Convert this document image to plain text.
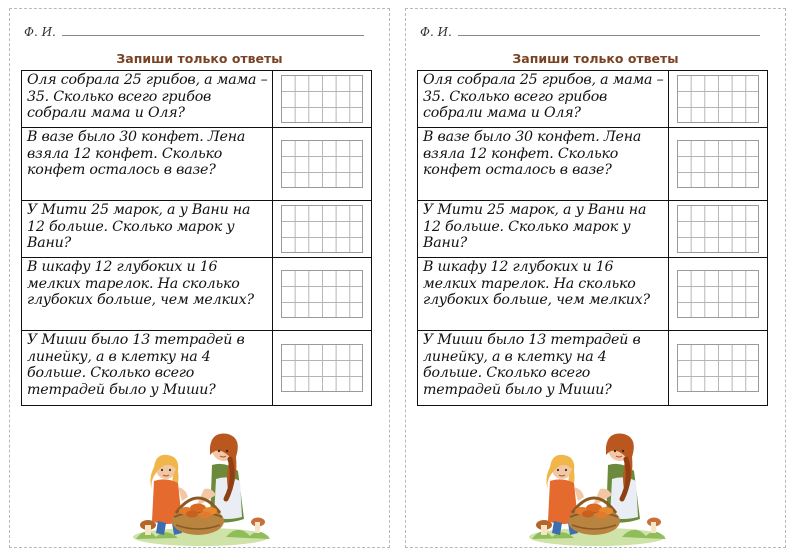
Ф. И.
Запиши только ответы
Оля собрала 25 грибов, а мама – 35. Сколько всего грибов собрали мама и Оля?
В вазе было 30 конфет. Лена взяла 12 конфет. Сколько конфет осталось в вазе?
У Мити 25 марок, а у Вани на 12 больше. Сколько марок у Вани?
В шкафу 12 глубоких и 16 мелких тарелок. На сколько глубоких больше, чем мелких?
У Миши было 13 тетрадей в линейку, а в клетку на 4 больше. Сколько всего тетрадей было у Миши?
Ф. И.
Запиши только ответы
Оля собрала 25 грибов, а мама – 35. Сколько всего грибов собрали мама и Оля?
В вазе было 30 конфет. Лена взяла 12 конфет. Сколько конфет осталось в вазе?
У Мити 25 марок, а у Вани на 12 больше. Сколько марок у Вани?
В шкафу 12 глубоких и 16 мелких тарелок. На сколько глубоких больше, чем мелких?
У Миши было 13 тетрадей в линейку, а в клетку на 4 больше. Сколько всего тетрадей было у Миши?
